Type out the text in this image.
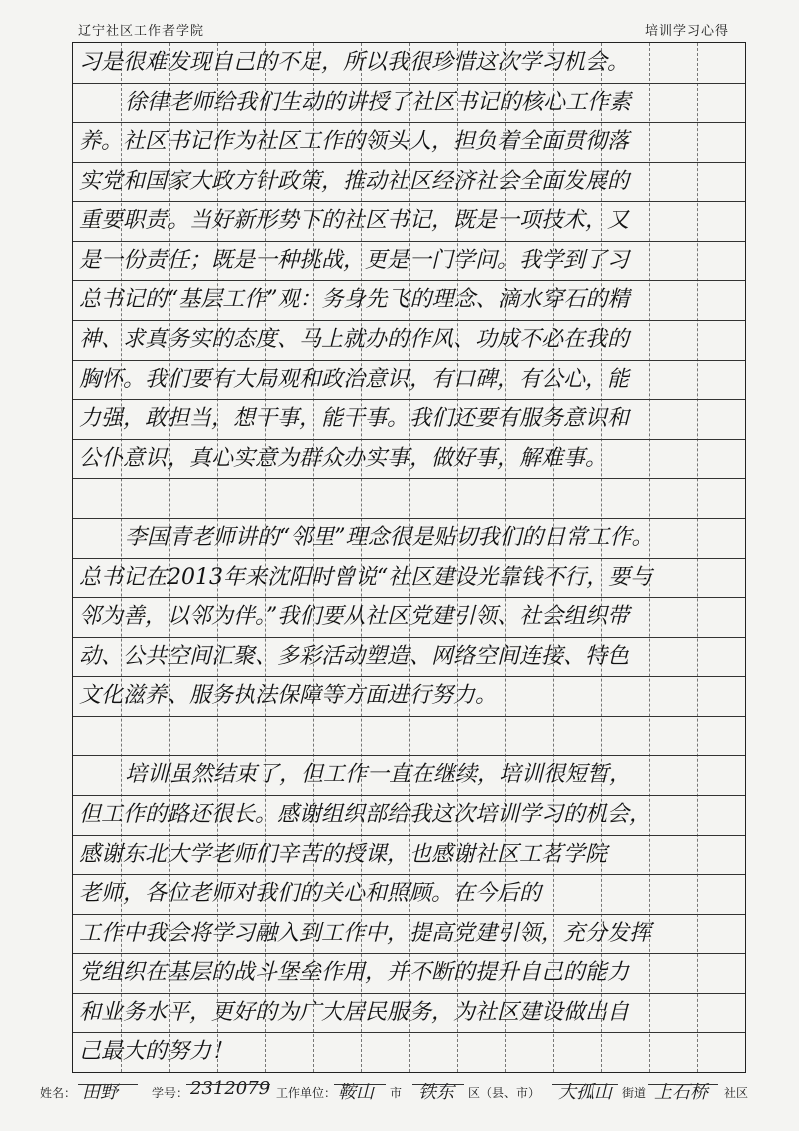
辽宁社区工作者学院	培训学习心得
习是很难发现自己的不足，所以我很珍惜这次学习机会。
徐律老师给我们生动的讲授了社区书记的核心工作素
养。社区书记作为社区工作的领头人，担负着全面贯彻落
实党和国家大政方针政策，推动社区经济社会全面发展的
重要职责。当好新形势下的社区书记，既是一项技术，又
是一份责任；既是一种挑战，更是一门学问。我学到了习
总书记的“基层工作”观：务身先飞的理念、滴水穿石的精
神、求真务实的态度、马上就办的作风、功成不必在我的
胸怀。我们要有大局观和政治意识，有口碑，有公心，能
力强，敢担当，想干事，能干事。我们还要有服务意识和
公仆意识，真心实意为群众办实事，做好事，解难事。
李国青老师讲的“邻里”理念很是贴切我们的日常工作。
总书记在2013年来沈阳时曾说“社区建设光靠钱不行，要与
邻为善，以邻为伴。”我们要从社区党建引领、社会组织带
动、公共空间汇聚、多彩活动塑造、网络空间连接、特色
文化滋养、服务执法保障等方面进行努力。
培训虽然结束了，但工作一直在继续，培训很短暂，
但工作的路还很长。感谢组织部给我这次培训学习的机会，
感谢东北大学老师们辛苦的授课，也感谢社区工茗学院
老师，各位老师对我们的关心和照顾。在今后的
工作中我会将学习融入到工作中，提高党建引领，充分发挥
党组织在基层的战斗堡垒作用，并不断的提升自己的能力
和业务水平，更好的为广大居民服务，为社区建设做出自
己最大的努力！
姓名： 田野	学号： 2312079 工作单位： 鞍山 市 铁东 区（县、市） 大孤山 街道 上石桥 社区
